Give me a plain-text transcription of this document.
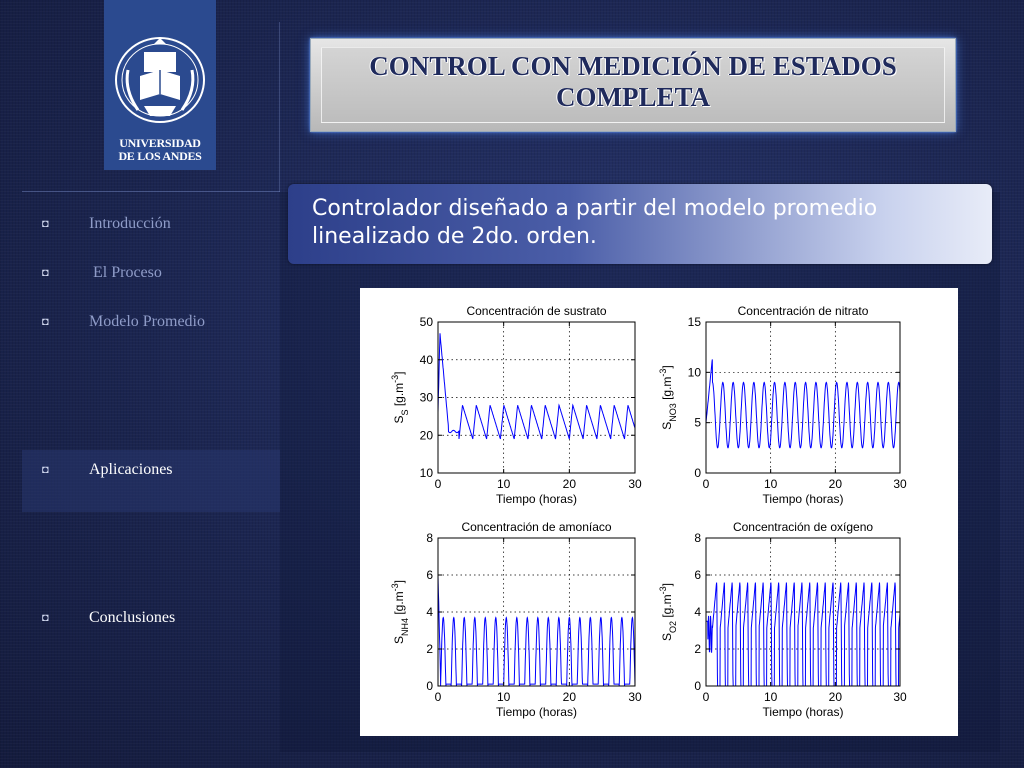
UNIVERSIDAD
DE LOS ANDES
◘	Introducción
◘	El Proceso
◘	Modelo Promedio
◘	Aplicaciones
◘	Conclusiones
CONTROL CON MEDICIÓN DE ESTADOS
COMPLETA
Controlador diseñado a partir del modelo promedio linealizado de 2do. orden.
0	10	20	30
10
20
30
40
50
Concentración de sustrato
Tiempo (horas)
$S_S$ $[g.m^{-3}]$
0	10	20	30
0
5
10
15
Concentración de nitrato
Tiempo (horas)
$S_{NO3}$ $[g.m^{-3}]$
0	10	20	30
0
2
4
6
8
Concentración de amoníaco
Tiempo (horas)
$S_{NH4}$ $[g.m^{-3}]$
0	10	20	30
0
2
4
6
8
Concentración de oxígeno
Tiempo (horas)
$S_{O2}$ $[g.m^{-3}]$
